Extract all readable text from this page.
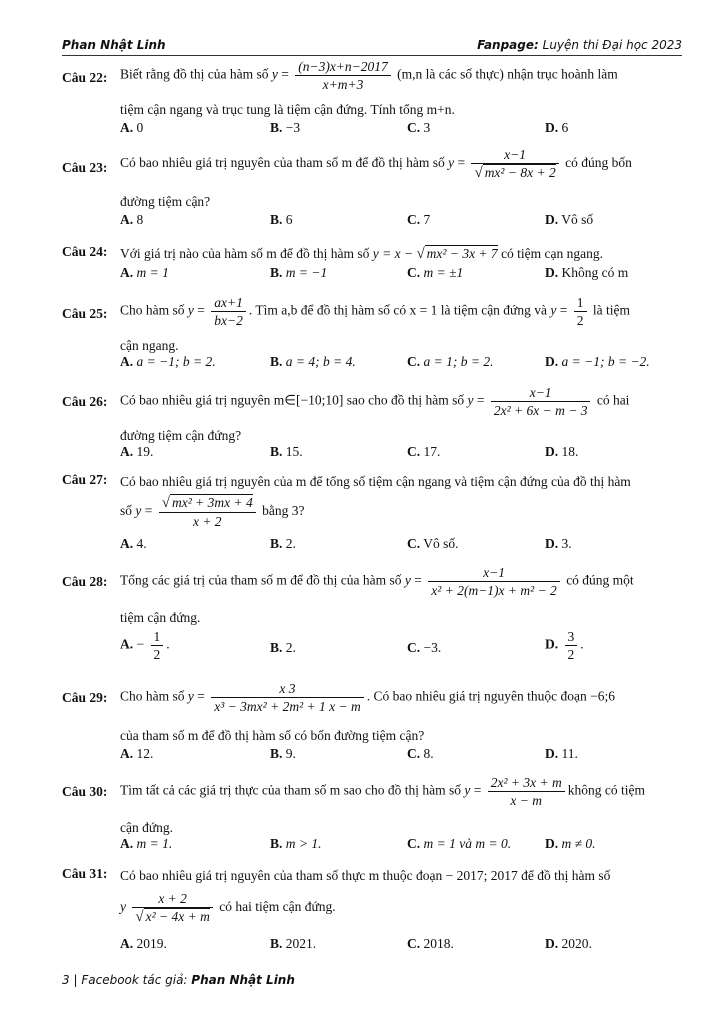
Phan Nhật Linh	Fanpage: Luyện thi Đại học 2023
Câu 22: Biết rằng đồ thị của hàm số $y = \frac{(n-3)x+n-2017}{x+m+3} (m,n$ là các số thực) nhận trục hoành làm
tiệm cận ngang và trục tung là tiệm cận đứng. Tính tổng m+n.
A. 0	B. −3	C. 3	D. 6
Câu 23: Có bao nhiêu giá trị nguyên của tham số m để đồ thị hàm số $y = \frac{x-1}{\text{√ mx² − 8x + 2}}$ có đúng bốn
đường tiệm cận?
A. 8	B. 6	C. 7	D. Vô số
Câu 24: Với giá trị nào của hàm số m để đồ thị hàm số y = x − √ mx² − 3x + 7 có tiệm cạn ngang.
A. m = 1	B. m = −1	C. m = ±1	D. Không có m
Câu 25: Cho hàm số $y = \frac{ax+1}{bx-2}$ . Tìm a,b để đồ thị hàm số có x = 1 là tiệm cận đứng và $y = \frac{1}{2}$ là tiệm
cận ngang.
A. a = −1; b = 2.	B. a = 4; b = 4.	C. a = 1; b = 2.	D. a = −1; b = −2.
Câu 26: Có bao nhiêu giá trị nguyên m∈[−10;10] sao cho đồ thị hàm số $y = \frac{x-1}{\text{2x² + 6x − m − 3}}$ có hai
đường tiệm cận đứng?
A. 19.	B. 15.	C. 17.	D. 18.
Câu 27: Có bao nhiêu giá trị nguyên của m để tổng số tiệm cận ngang và tiệm cận đứng của đồ thị hàm
số $y = \frac{\text{√ mx² + 3mx + 4}}{x + 2}$ bằng 3?
A. 4.	B. 2.	C. Vô số.	D. 3.
Câu 28: Tổng các giá trị của tham số m để đồ thị của hàm số $y = \frac{x-1}{\text{x² + 2(m−1)x + m² − 2}}$ có đúng một
tiệm cận đứng.
A. − $\frac{1}{2}$ .	B. 2.	C. −3.	D. $\frac{3}{2}$ .
Câu 29: Cho hàm số $y = \frac{x 3}{\text{x³ − 3mx² + 2m² + 1 x − m}}$ . Có bao nhiêu giá trị nguyên thuộc đoạn −6;6
của tham số m để đồ thị hàm số có bốn đường tiệm cận?
A. 12.	B. 9.	C. 8.	D. 11.
Câu 30: Tìm tất cả các giá trị thực của tham số m sao cho đồ thị hàm số $y = \frac{\text{2x² + 3x + m}}{x - m}$ không có tiệm
cận đứng.
A. m = 1.	B. m > 1.	C. m = 1 và m = 0.	D. m ≠ 0.
Câu 31: Có bao nhiêu giá trị nguyên của tham số thực m thuộc đoạn − 2017; 2017 để đồ thị hàm số
y $\frac{x + 2}{\text{√ x² − 4x + m}}$ có hai tiệm cận đứng.
A. 2019.	B. 2021.	C. 2018.	D. 2020.
3 | Facebook tác giả: Phan Nhật Linh
